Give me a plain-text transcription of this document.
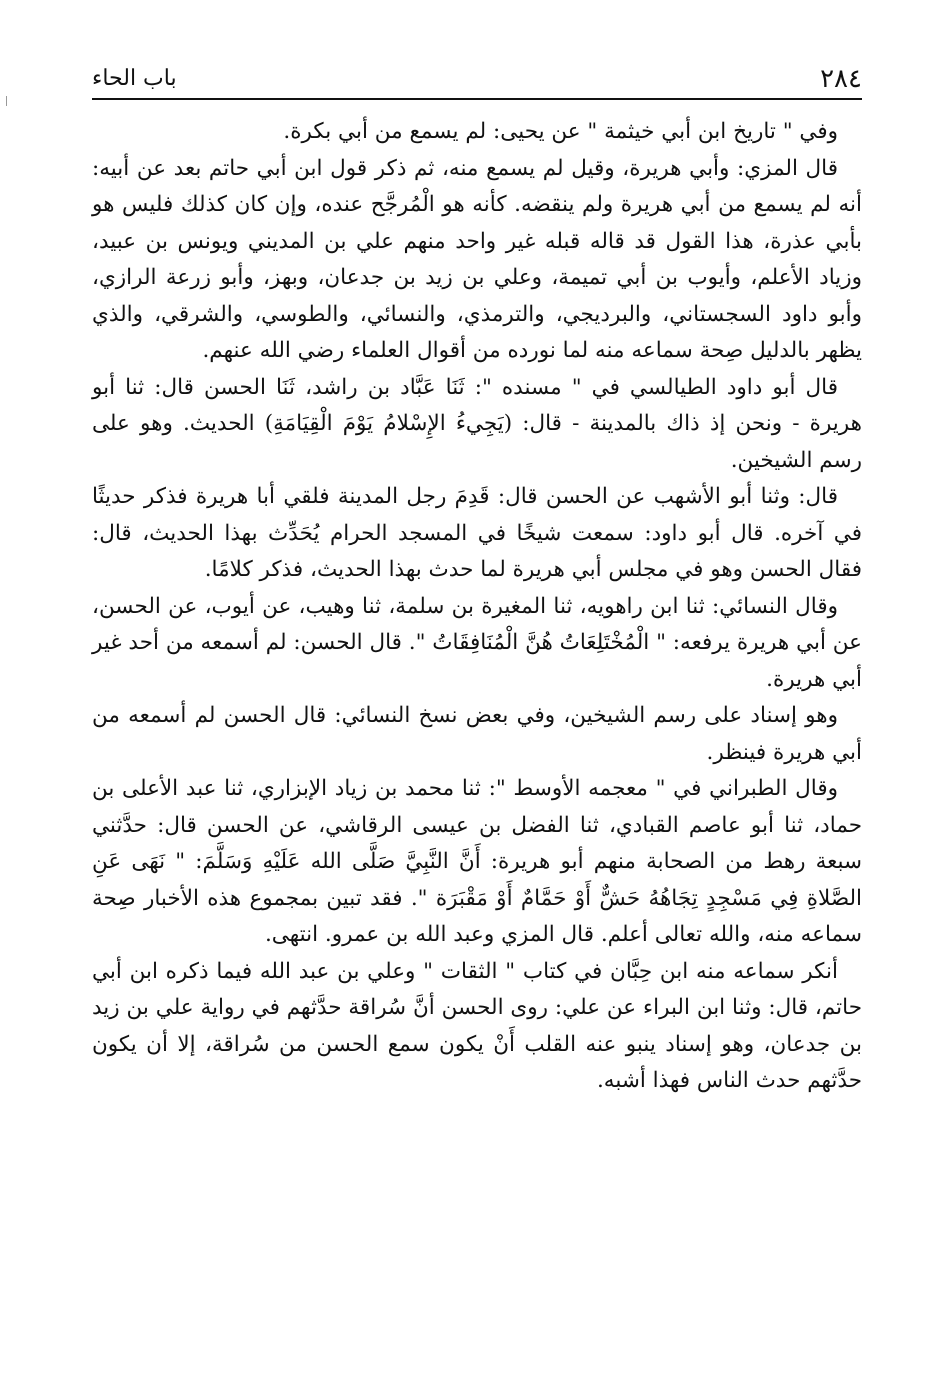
٢٨٤
باب الحاء

وفي " تاريخ ابن أبي خيثمة " عن يحيى: لم يسمع من أبي بكرة.

قال المزي: وأبي هريرة، وقيل لم يسمع منه، ثم ذكر قول ابن أبي حاتم بعد عن أبيه: أنه لم يسمع من أبي هريرة ولم ينقضه. كأنه هو الْمُرجَّح عنده، وإن كان كذلك فليس هو بأبي عذرة، هذا القول قد قاله قبله غير واحد منهم علي بن المديني ويونس بن عبيد، وزياد الأعلم، وأيوب بن أبي تميمة، وعلي بن زيد بن جدعان، وبهز، وأبو زرعة الرازي، وأبو داود السجستاني، والبرديجي، والترمذي، والنسائي، والطوسي، والشرقي، والذي يظهر بالدليل صِحة سماعه منه لما نورده من أقوال العلماء رضي الله عنهم.

قال أبو داود الطيالسي في " مسنده ": ثَنَا عَبَّاد بن راشد، ثَنَا الحسن قال: ثنا أبو هريرة - ونحن إذ ذاك بالمدينة - قال: (يَجِيءُ الإِسْلامُ يَوْمَ الْقِيَامَةِ) الحديث. وهو على رسم الشيخين.

قال: وثنا أبو الأشهب عن الحسن قال: قَدِمَ رجل المدينة فلقي أبا هريرة فذكر حديثًا في آخره. قال أبو داود: سمعت شيخًا في المسجد الحرام يُحَدِّث بهذا الحديث، قال: فقال الحسن وهو في مجلس أبي هريرة لما حدث بهذا الحديث، فذكر كلامًا.

وقال النسائي: ثنا ابن راهويه، ثنا المغيرة بن سلمة، ثنا وهيب، عن أيوب، عن الحسن، عن أبي هريرة يرفعه: " الْمُخْتَلِعَاتُ هُنَّ الْمُنَافِقَاتُ ". قال الحسن: لم أسمعه من أحد غير أبي هريرة.

وهو إسناد على رسم الشيخين، وفي بعض نسخ النسائي: قال الحسن لم أسمعه من أبي هريرة فينظر.

وقال الطبراني في " معجمه الأوسط ": ثنا محمد بن زياد الإبزاري، ثنا عبد الأعلى بن حماد، ثنا أبو عاصم القبادي، ثنا الفضل بن عيسى الرقاشي، عن الحسن قال: حدَّثني سبعة رهط من الصحابة منهم أبو هريرة: أَنَّ النَّبِيَّ صَلَّى الله عَلَيْهِ وَسَلَّمَ: " نَهَى عَنِ الصَّلاةِ فِي مَسْجِدٍ تِجَاهُهُ حَشٌّ أَوْ حَمَّامٌ أَوْ مَقْبَرَة ". فقد تبين بمجموع هذه الأخبار صِحة سماعه منه، والله تعالى أعلم. قال المزي وعبد الله بن عمرو. انتهى.

أنكر سماعه منه ابن حِبَّان في كتاب " الثقات " وعلي بن عبد الله فيما ذكره ابن أبي حاتم، قال: وثنا ابن البراء عن علي: روى الحسن أنَّ سُراقة حدَّثهم في رواية علي بن زيد بن جدعان، وهو إسناد ينبو عنه القلب أَنْ يكون سمع الحسن من سُراقة، إلا أن يكون حدَّثهم حدث الناس فهذا أشبه.
